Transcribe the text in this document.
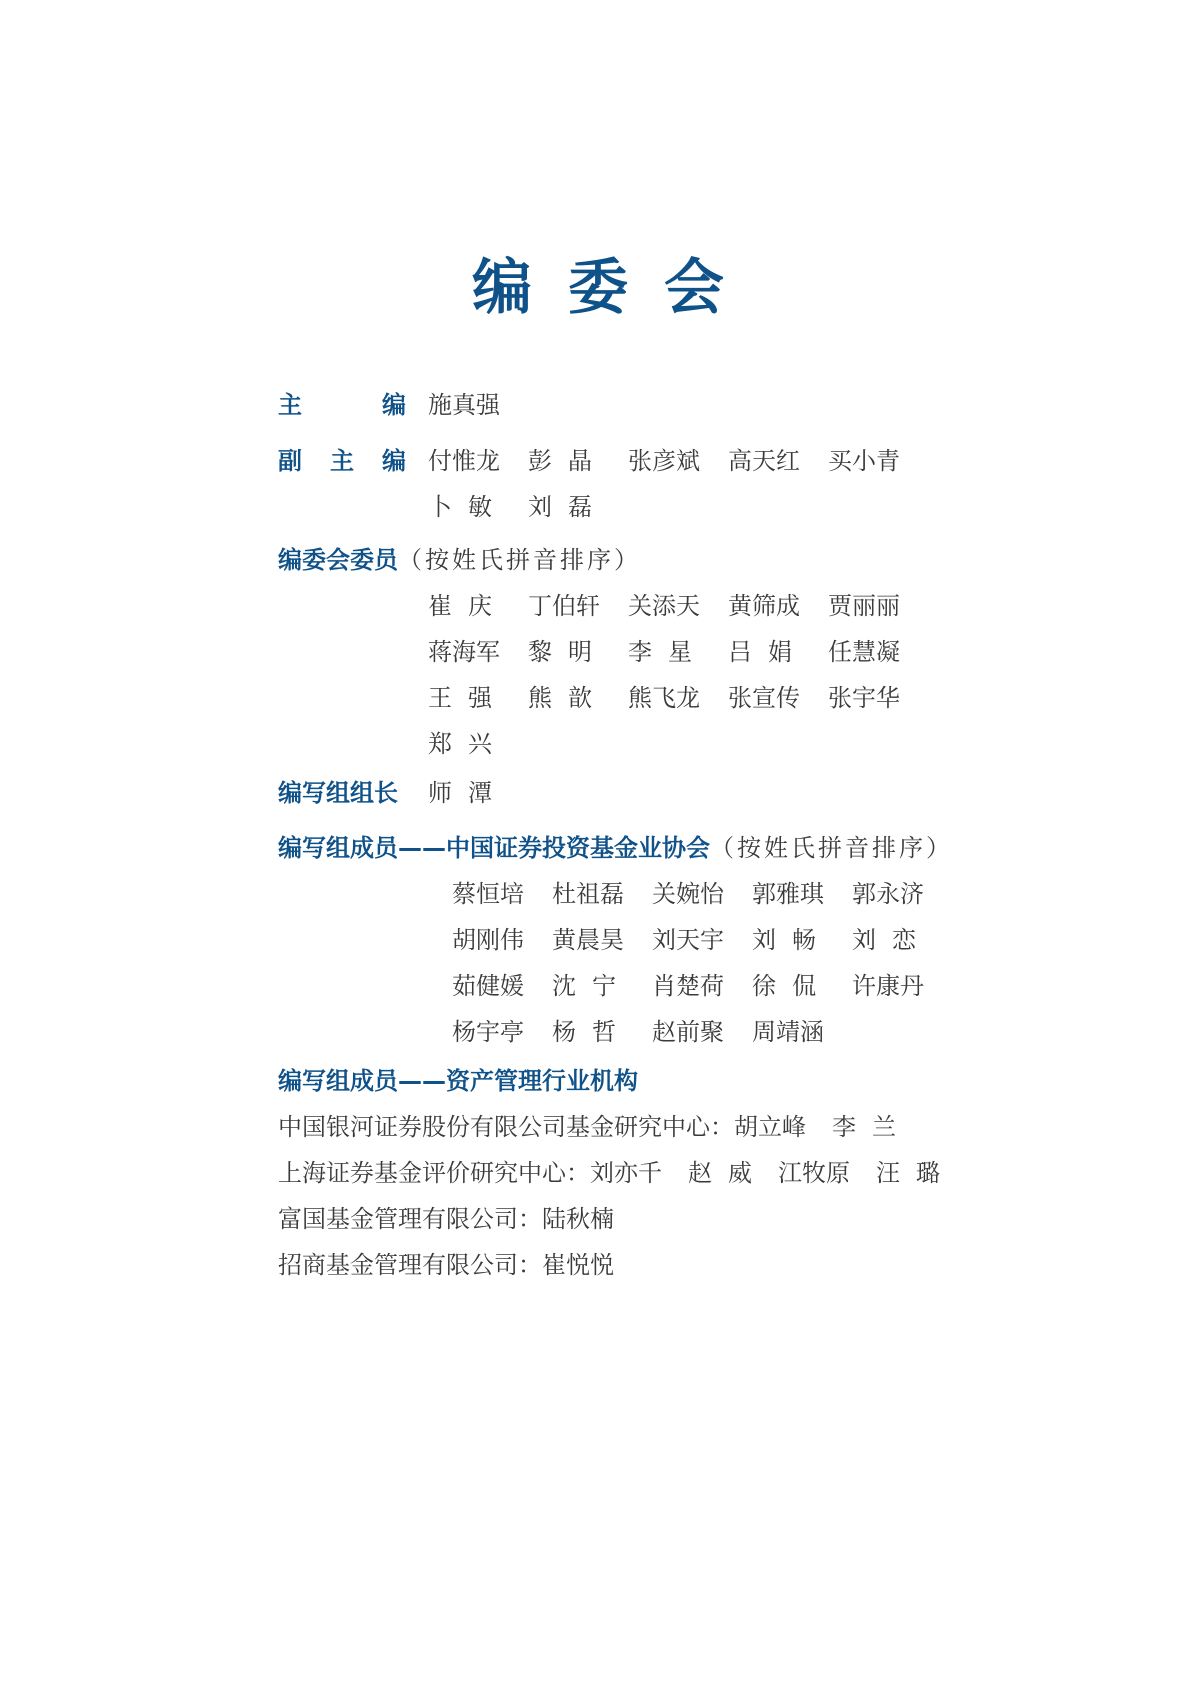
编委会
主	编 施真强
副 主 编 付惟龙 彭 晶 张彦斌 高天红 买小青
卜 敏 刘 磊
编委会委员（按姓氏拼音排序）
崔 庆 丁伯轩 关添天 黄筛成 贾丽丽
蒋海军 黎 明 李 星 吕 娟 任慧凝
王 强 熊 歆 熊飞龙 张宣传 张宇华
郑 兴
编写组组长 师 潭
编写组成员——中国证券投资基金业协会（按姓氏拼音排序）
蔡恒培 杜祖磊 关婉怡 郭雅琪 郭永济
胡刚伟 黄晨昊 刘天宇 刘 畅 刘 恋
茹健媛 沈 宁 肖楚荷 徐 侃 许康丹
杨宇亭 杨 哲 赵前聚 周靖涵
编写组成员——资产管理行业机构
中国银河证券股份有限公司基金研究中心：胡立峰 李 兰
上海证券基金评价研究中心：刘亦千 赵 威 江牧原 汪 璐
富国基金管理有限公司：陆秋楠
招商基金管理有限公司：崔悦悦
